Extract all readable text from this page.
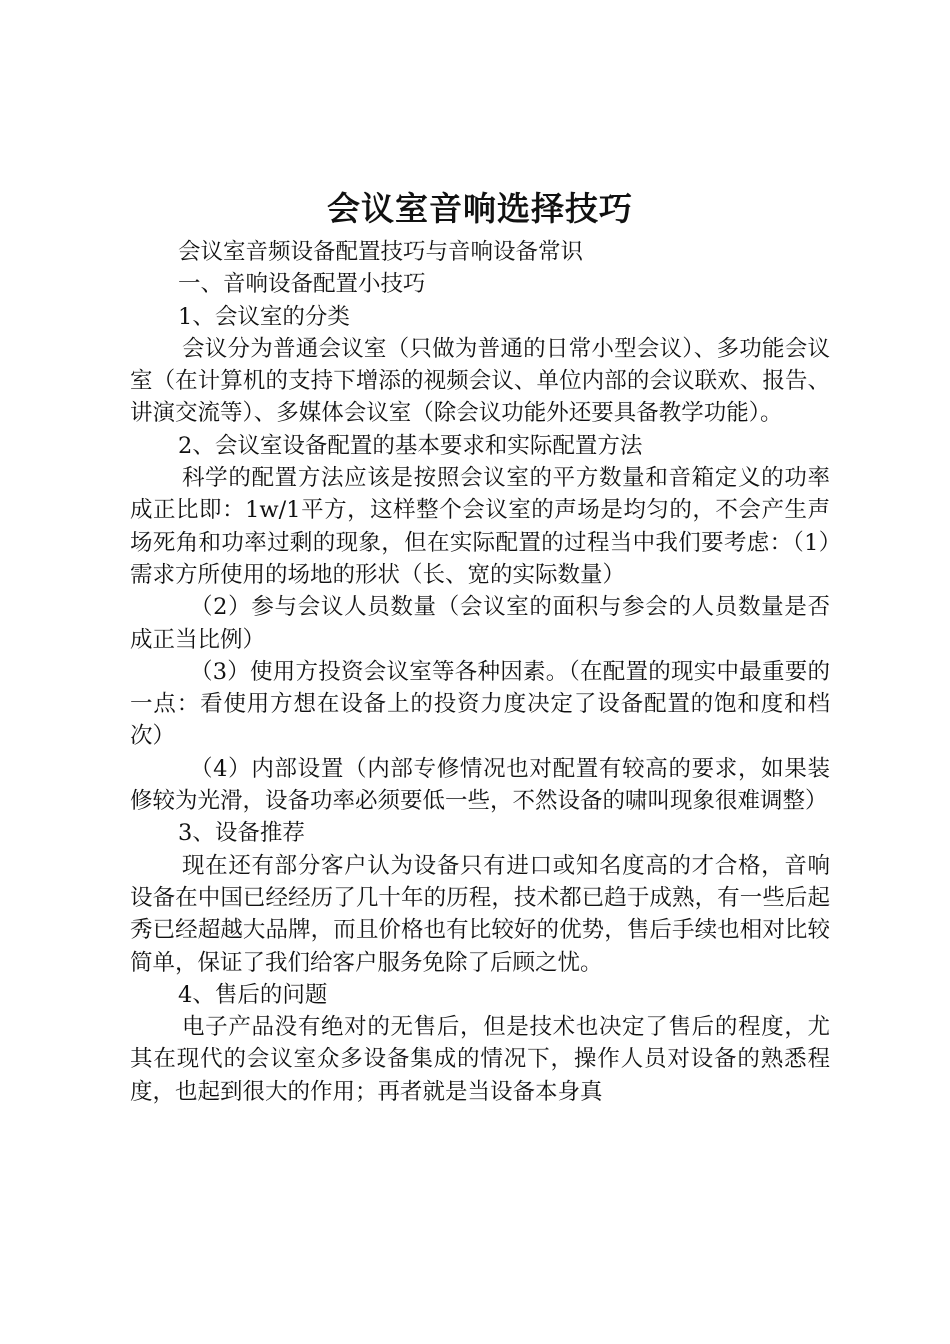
会议室音响选择技巧

会议室音频设备配置技巧与音响设备常识

一、音响设备配置小技巧

1、会议室的分类

会议分为普通会议室（只做为普通的日常小型会议）、多功能会议室（在计算机的支持下增添的视频会议、单位内部的会议联欢、报告、讲演交流等）、多媒体会议室（除会议功能外还要具备教学功能）。

2、会议室设备配置的基本要求和实际配置方法

科学的配置方法应该是按照会议室的平方数量和音箱定义的功率成正比即：1w/1平方，这样整个会议室的声场是均匀的，不会产生声场死角和功率过剩的现象，但在实际配置的过程当中我们要考虑：（1）需求方所使用的场地的形状（长、宽的实际数量）

（2）参与会议人员数量（会议室的面积与参会的人员数量是否成正当比例）

（3）使用方投资会议室等各种因素。（在配置的现实中最重要的一点：看使用方想在设备上的投资力度决定了设备配置的饱和度和档次）

（4）内部设置（内部专修情况也对配置有较高的要求，如果装修较为光滑，设备功率必须要低一些，不然设备的啸叫现象很难调整）

3、设备推荐

现在还有部分客户认为设备只有进口或知名度高的才合格，音响设备在中国已经经历了几十年的历程，技术都已趋于成熟，有一些后起秀已经超越大品牌，而且价格也有比较好的优势，售后手续也相对比较简单，保证了我们给客户服务免除了后顾之忧。

4、售后的问题

电子产品没有绝对的无售后，但是技术也决定了售后的程度，尤其在现代的会议室众多设备集成的情况下，操作人员对设备的熟悉程度，也起到很大的作用；再者就是当设备本身真
